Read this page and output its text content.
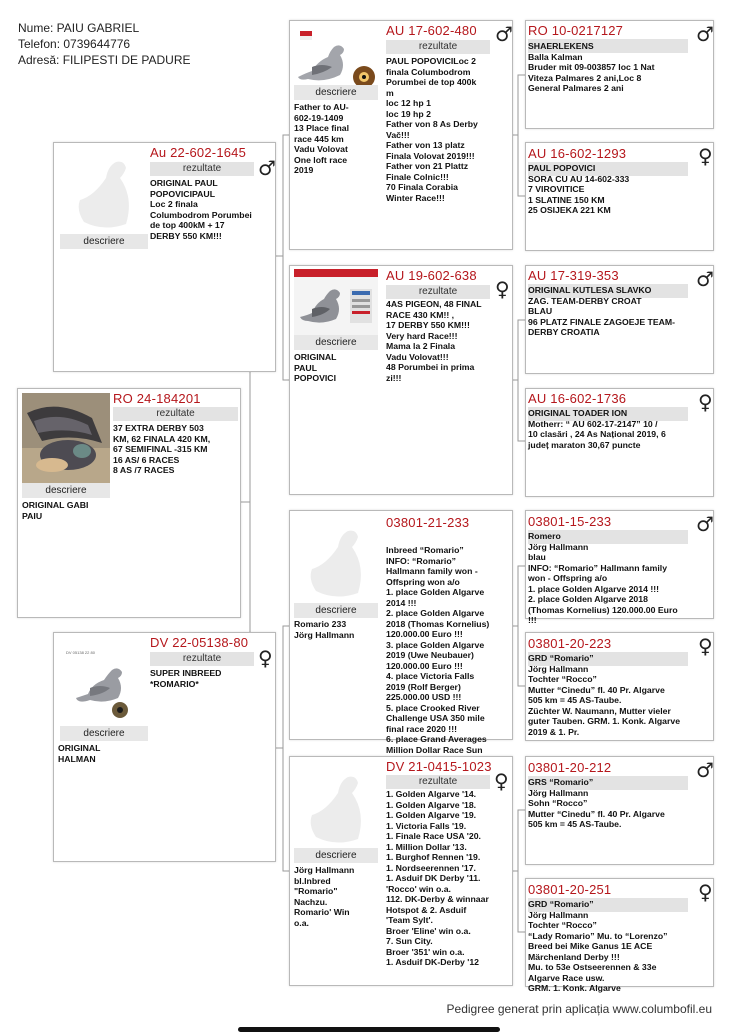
Nume: PAIU GABRIEL
Telefon: 0739644776
Adresă: FILIPESTI DE PADURE
descriere
ORIGINAL GABI
PAIU
RO 24-184201
rezultate
37 EXTRA DERBY 503
KM, 62 FINALA 420 KM,
67 SEMIFINAL -315 KM
16 AS/ 6 RACES
8 AS /7 RACES
descriere
Au 22-602-1645
rezultate	♂
ORIGINAL PAUL
POPOVICIPAUL
Loc 2 finala
Columbodrom Porumbei
de top 400kM + 17
DERBY 550 KM!!!
DV 05138 22 80
descriere
ORIGINAL
HALMAN
DV 22-05138-80
rezultate	♀
SUPER INBREED
*ROMARIO*
descriere
Father to AU-
602-19-1409
13 Place final
race 445 km
Vadu Volovat
One loft race
2019
AU 17-602-480 ♂
rezultate
PAUL POPOVICILoc 2
finala Columbodrom
Porumbei de top 400k
m
loc 12 hp 1
loc 19 hp 2
Father von 8 As Derby
Vač!!!
Father von 13 platz
Finala Volovat 2019!!!
Father von 21 Plattz
Finale Colnic!!!
70 Finala Corabia
Winter Race!!!
descriere
ORIGINAL
PAUL
POPOVICI
AU 19-602-638
♀
rezultate
4AS PIGEON, 48 FINAL
RACE 430 KM!! ,
17 DERBY 550 KM!!!
Very hard Race!!!
Mama la 2 Finala
Vadu Volovat!!!
48 Porumbei in prima
zi!!!
descriere
Romario 233
Jörg Hallmann
03801-21-233
Inbreed “Romario”
INFO: “Romario”
Hallmann family won -
Offspring won a/o
1. place Golden Algarve
2014 !!!
2. place Golden Algarve
2018 (Thomas Kornelius)
120.000.00 Euro !!!
3. place Golden Algarve
2019 (Uwe Neubauer)
120.000.00 Euro !!!
4. place Victoria Falls
2019 (Rolf Berger)
225.000.00 USD !!!
5. place Crooked River
Challenge USA 350 mile
final race 2020 !!!
6. place Grand Averages
Million Dollar Race Sun
descriere
Jörg Hallmann
bl.Inbred
"Romario"
Nachzu.
Romario' Win
o.a.
DV 21-0415-1023
rezultate	♀
1. Golden Algarve '14.
1. Golden Algarve '18.
1. Golden Algarve '19.
1. Victoria Falls '19.
1. Finale Race USA '20.
1. Million Dollar '13.
1. Burghof Rennen '19.
1. Nordseerennen '17.
1. Asduif DK Derby '11.
'Rocco' win o.a.
112. DK-Derby & winnaar
Hotspot & 2. Asduif
'Team Sylt'.
Broer 'Eline' win o.a.
7. Sun City.
Broer '351' win o.a.
1. Asduif DK-Derby '12
RO 10-0217127	♂
SHAERLEKENS
Balla Kalman
Bruder mit 09-003857 loc 1 Nat
Viteza Palmares 2 ani,Loc 8
General Palmares 2 ani
AU 16-602-1293	♀
PAUL POPOVICI
SORA CU AU 14-602-333
7 VIROVITICE
1 SLATINE 150 KM
25 OSIJEKA 221 KM
AU 17-319-353	♂
ORIGINAL KUTLESA SLAVKO
ZAG. TEAM-DERBY CROAT
BLAU
96 PLATZ FINALE ZAGOEJE TEAM-
DERBY CROATIA
AU 16-602-1736	♀
ORIGINAL TOADER ION
Motherr: “ AU 602-17-2147” 10 /
10 clasări , 24 As Național 2019, 6
județ maraton 30,67 puncte
03801-15-233	♂
Romero
Jörg Hallmann
blau
INFO: “Romario” Hallmann family
won - Offspring a/o
1. place Golden Algarve 2014 !!!
2. place Golden Algarve 2018
(Thomas Kornelius) 120.000.00 Euro
!!!
03801-20-223	♀
GRD “Romario”
Jörg Hallmann
Tochter “Rocco”
Mutter “Cinedu” fl. 40 Pr. Algarve
505 km = 45 AS-Taube.
Züchter W. Naumann, Mutter vieler
guter Tauben. GRM. 1. Konk. Algarve
2019 & 1. Pr.
03801-20-212	♂
GRS “Romario”
Jörg Hallmann
Sohn “Rocco”
Mutter “Cinedu” fl. 40 Pr. Algarve
505 km = 45 AS-Taube.
03801-20-251	♀
GRD “Romario”
Jörg Hallmann
Tochter “Rocco”
“Lady Romario” Mu. to “Lorenzo”
Breed bei Mike Ganus 1E ACE
Märchenland Derby !!!
Mu. to 53e Ostseerennen & 33e
Algarve Race usw.
GRM. 1. Konk. Algarve
Pedigree generat prin aplicația www.columbofil.eu
